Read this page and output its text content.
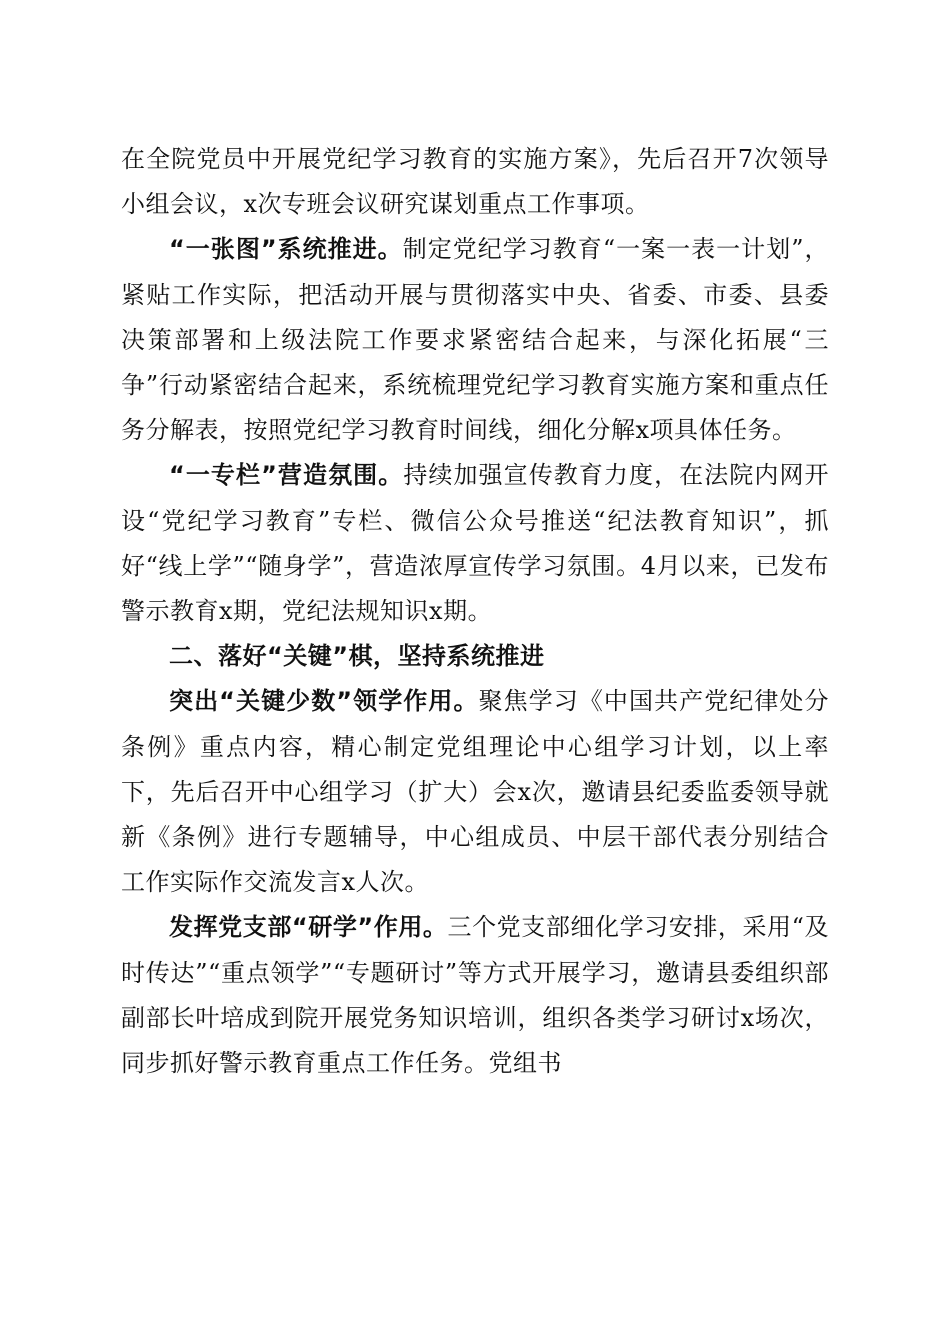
在全院党员中开展党纪学习教育的实施方案》，先后召开7次领导小组会议，x次专班会议研究谋划重点工作事项。

“一张图”系统推进。制定党纪学习教育“一案一表一计划”，紧贴工作实际，把活动开展与贯彻落实中央、省委、市委、县委决策部署和上级法院工作要求紧密结合起来，与深化拓展“三争”行动紧密结合起来，系统梳理党纪学习教育实施方案和重点任务分解表，按照党纪学习教育时间线，细化分解x项具体任务。

“一专栏”营造氛围。持续加强宣传教育力度，在法院内网开设“党纪学习教育”专栏、微信公众号推送“纪法教育知识”，抓好“线上学”“随身学”，营造浓厚宣传学习氛围。4月以来，已发布警示教育x期，党纪法规知识x期。

二、落好“关键”棋，坚持系统推进

突出“关键少数”领学作用。聚焦学习《中国共产党纪律处分条例》重点内容，精心制定党组理论中心组学习计划，以上率下，先后召开中心组学习（扩大）会x次，邀请县纪委监委领导就新《条例》进行专题辅导，中心组成员、中层干部代表分别结合工作实际作交流发言x人次。

发挥党支部“研学”作用。三个党支部细化学习安排，采用“及时传达”“重点领学”“专题研讨”等方式开展学习，邀请县委组织部副部长叶培成到院开展党务知识培训，组织各类学习研讨x场次，同步抓好警示教育重点工作任务。党组书
